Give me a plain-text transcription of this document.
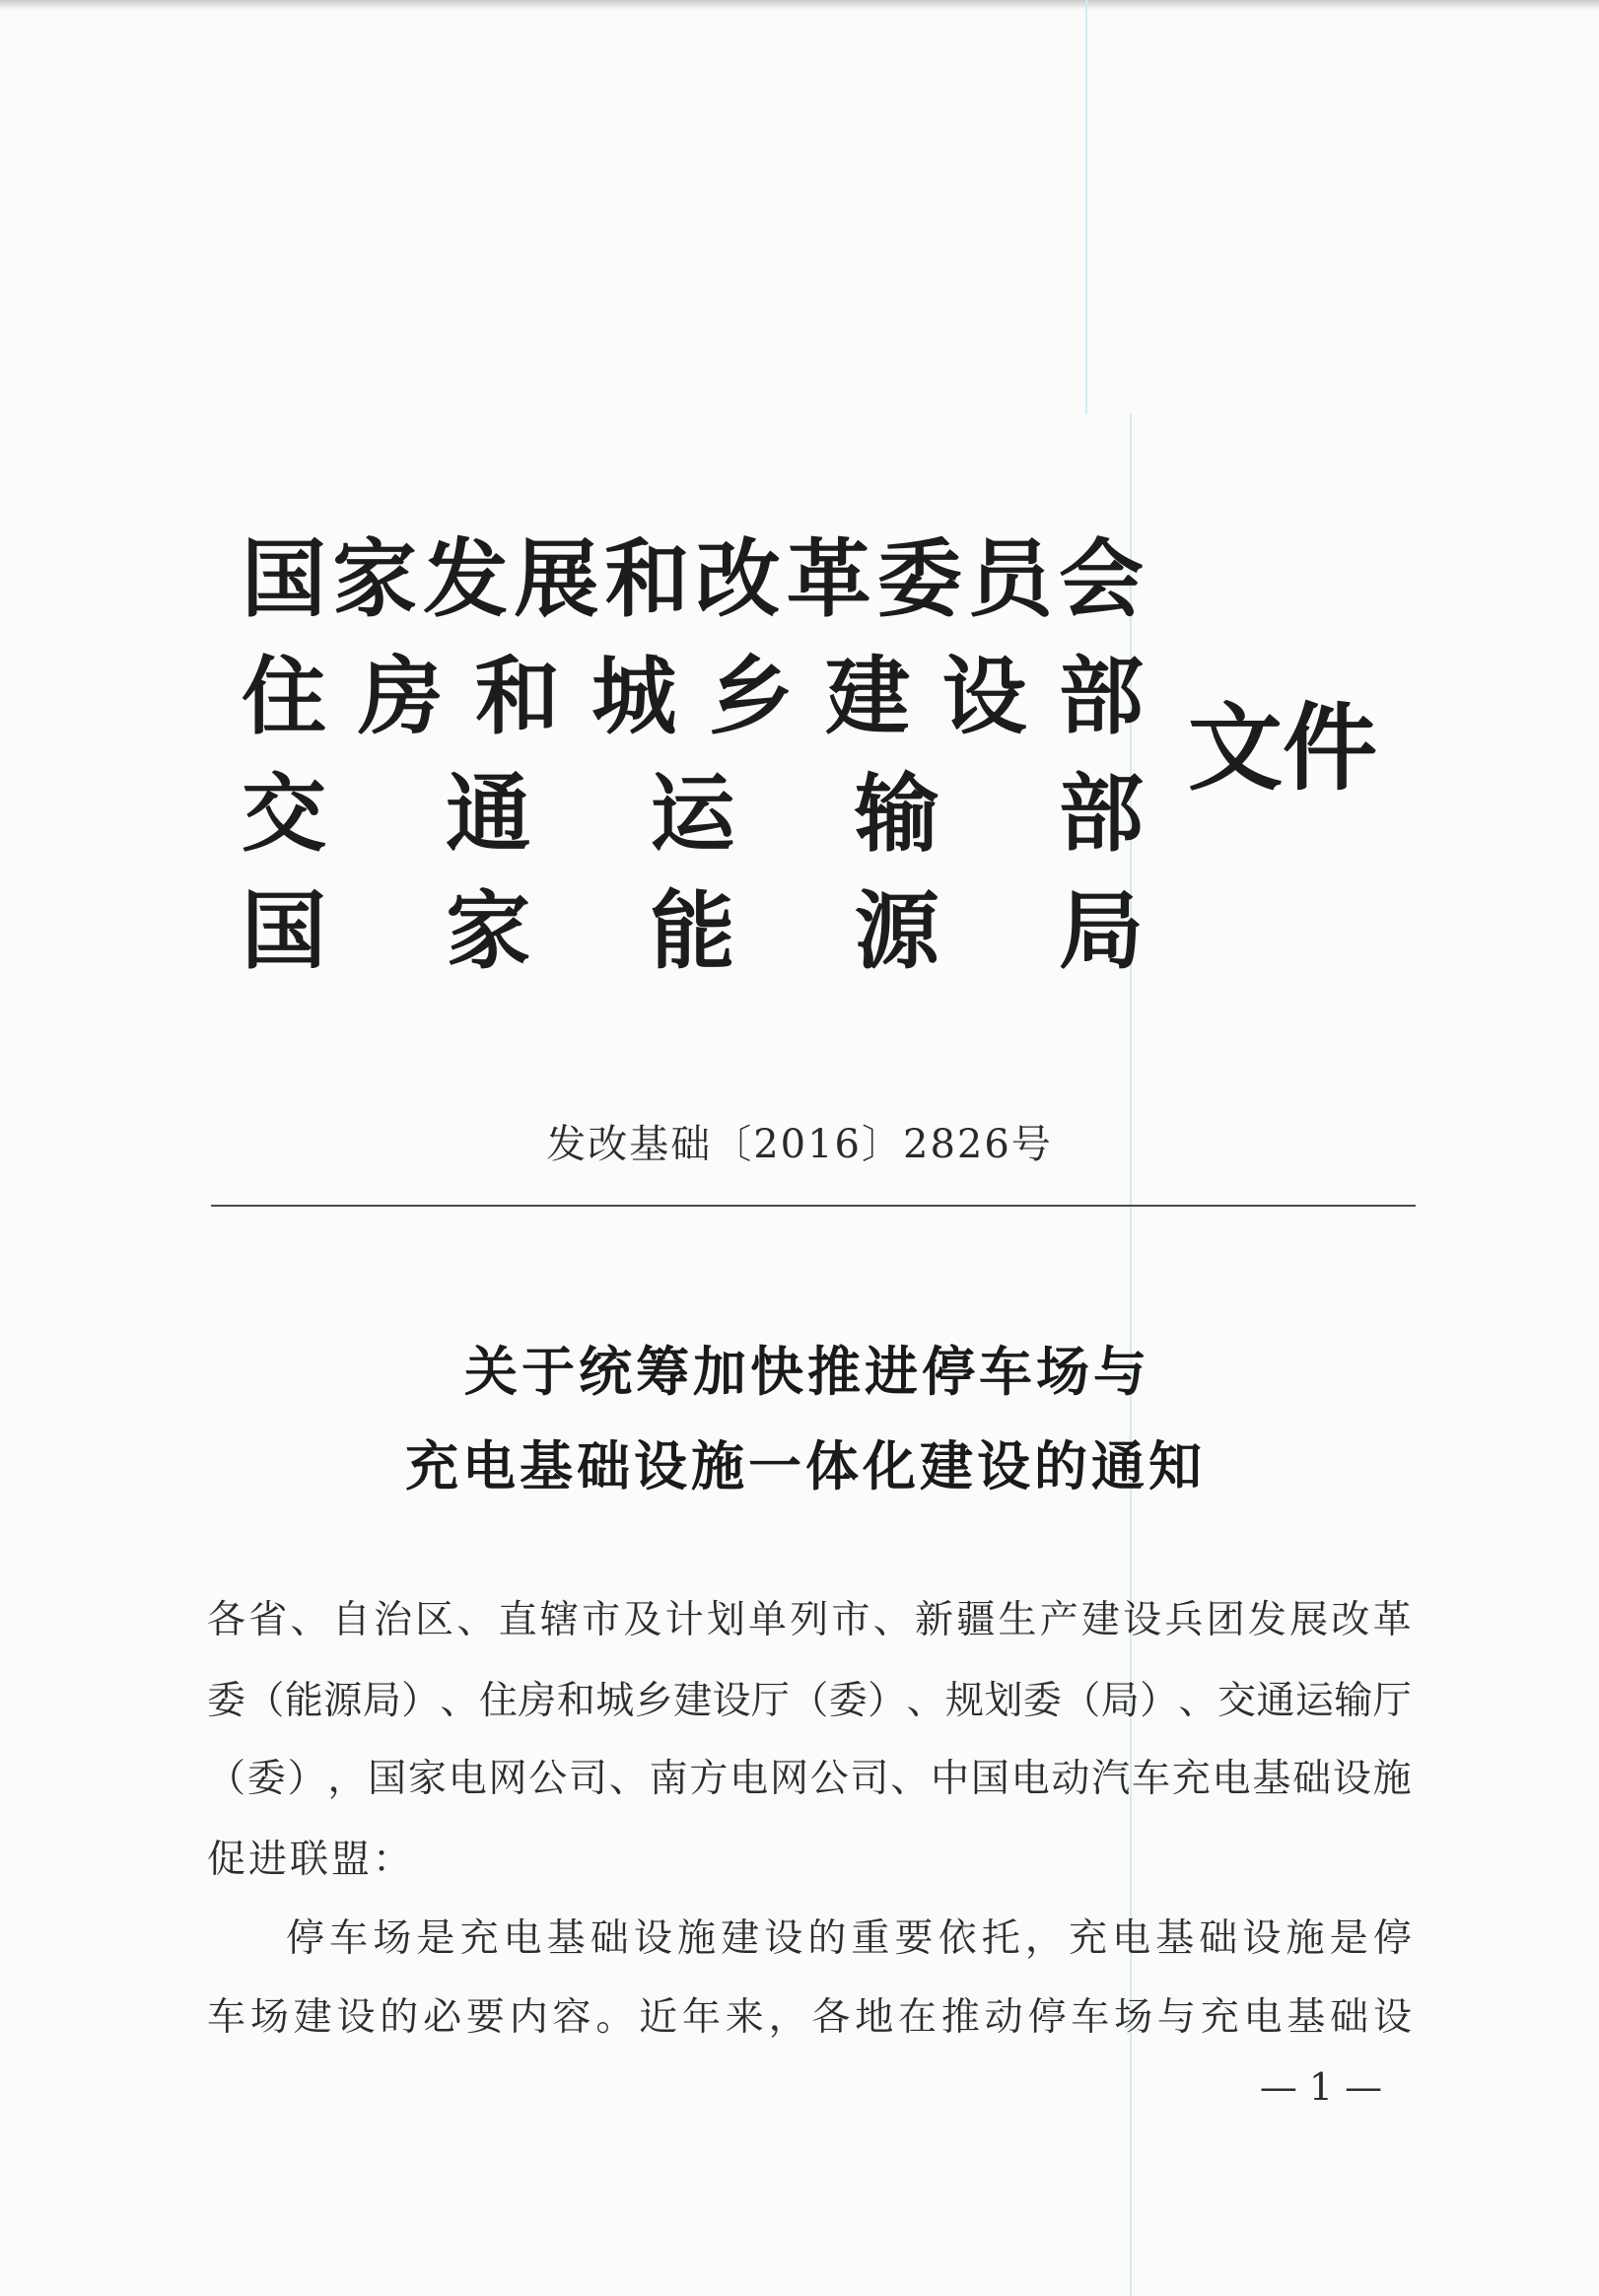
国 家 发 展 和 改 革 委 员 会
住 房 和 城 乡 建 设 部
交 通 运 输 部
国 家 能 源 局
文件
发改基础〔2016〕2826号
关于统筹加快推进停车场与
充电基础设施一体化建设的通知
各 省 、 自 治 区 、 直 辖 市 及 计 划 单 列 市 、 新 疆 生 产 建 设 兵 团 发 展 改 革
委 （ 能 源 局 ） 、 住 房 和 城 乡 建 设 厅 （ 委 ） 、 规 划 委 （ 局 ） 、 交 通 运 输 厅
（ 委 ） ， 国 家 电 网 公 司 、 南 方 电 网 公 司 、 中 国 电 动 汽 车 充 电 基 础 设 施
促进联盟：
停 车 场 是 充 电 基 础 设 施 建 设 的 重 要 依 托 ， 充 电 基 础 设 施 是 停
车 场 建 设 的 必 要 内 容 。 近 年 来 ， 各 地 在 推 动 停 车 场 与 充 电 基 础 设
— 1 —
